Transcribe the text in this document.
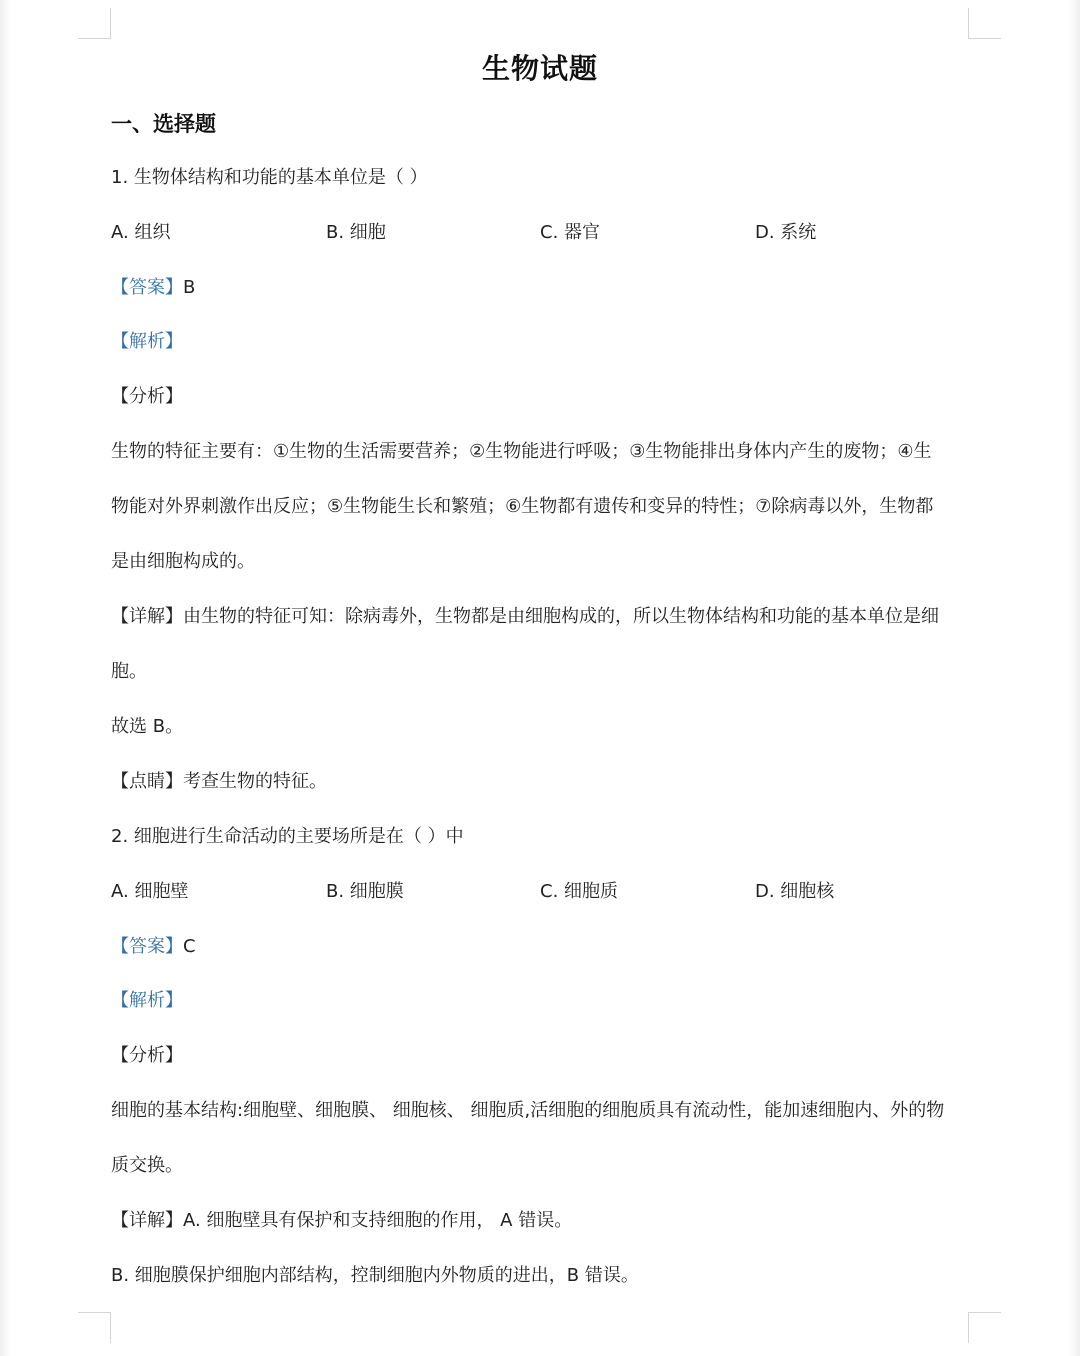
生物试题
一、选择题
1. 生物体结构和功能的基本单位是（ ）
A. 组织	B. 细胞	C. 器官	D. 系统
【答案】B
【解析】
【分析】
生物的特征主要有：①生物的生活需要营养；②生物能进行呼吸；③生物能排出身体内产生的废物；④生
物能对外界刺激作出反应；⑤生物能生长和繁殖；⑥生物都有遗传和变异的特性；⑦除病毒以外，生物都
是由细胞构成的。
【详解】由生物的特征可知：除病毒外，生物都是由细胞构成的，所以生物体结构和功能的基本单位是细
胞。
故选 B。
【点睛】考查生物的特征。
2. 细胞进行生命活动的主要场所是在（ ）中
A. 细胞壁	B. 细胞膜	C. 细胞质	D. 细胞核
【答案】C
【解析】
【分析】
细胞的基本结构:细胞壁、细胞膜、 细胞核、 细胞质,活细胞的细胞质具有流动性，能加速细胞内、外的物
质交换。
【详解】A. 细胞壁具有保护和支持细胞的作用， A 错误。
B. 细胞膜保护细胞内部结构，控制细胞内外物质的进出，B 错误。
